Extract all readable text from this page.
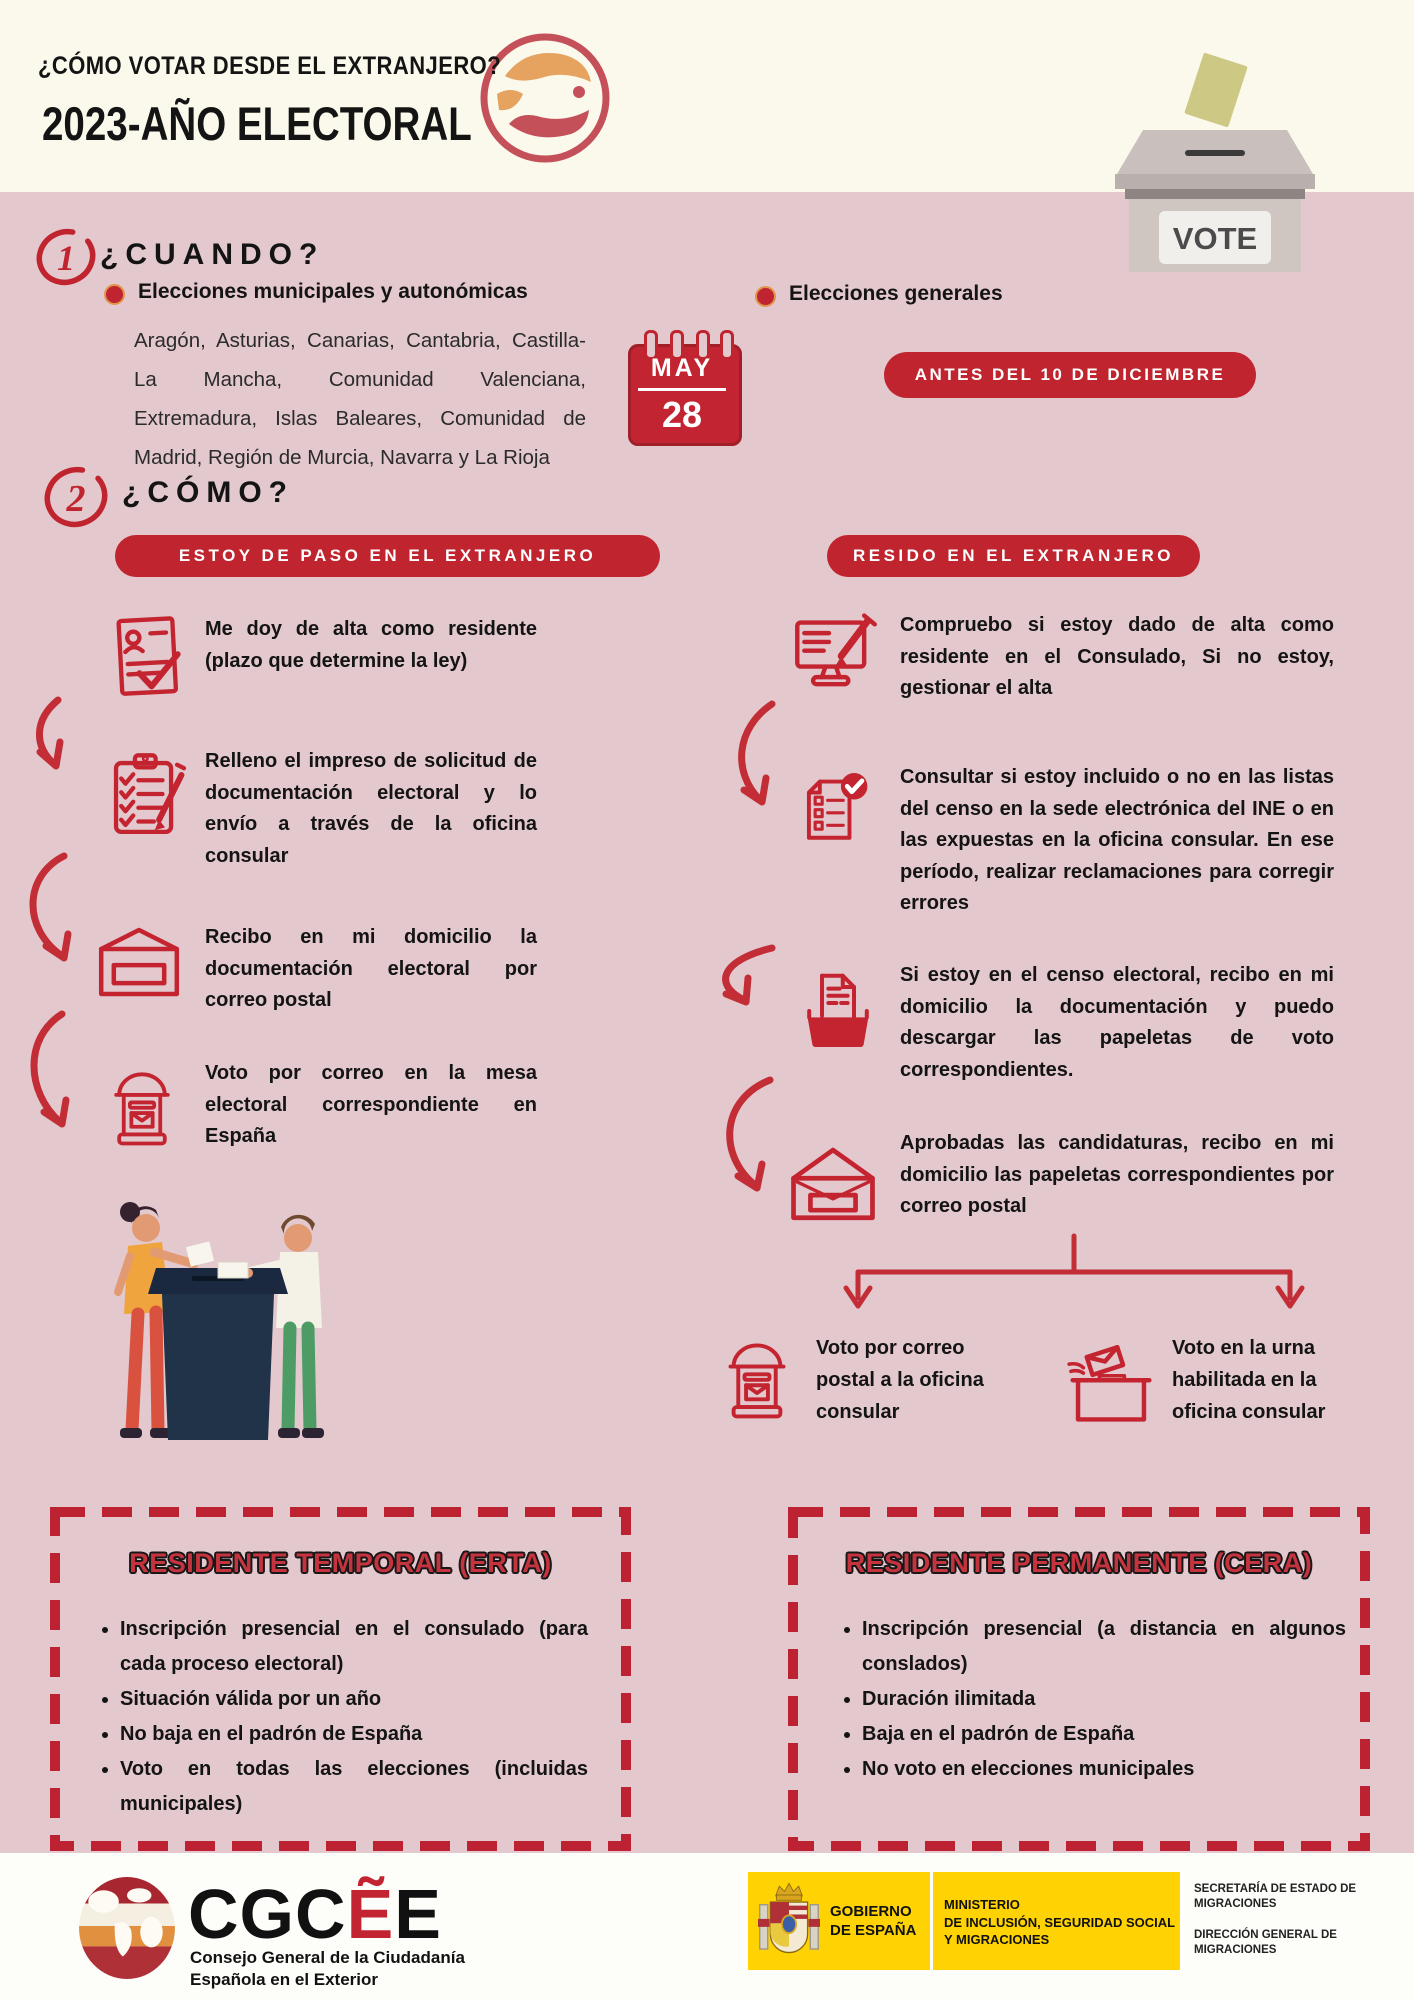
¿CÓMO VOTAR DESDE EL EXTRANJERO?
2023-AÑO ELECTORAL
VOTE
1 ¿CUANDO?
Elecciones municipales y autonómicas
Aragón, Asturias, Canarias, Cantabria, Castilla-La Mancha, Comunidad Valenciana, Extremadura, Islas Baleares, Comunidad de Madrid, Región de Murcia, Navarra y La Rioja
MAY
28
Elecciones generales
ANTES DEL 10 DE DICIEMBRE
2 ¿CÓMO?
ESTOY DE PASO EN EL EXTRANJERO	RESIDO EN EL EXTRANJERO
Me doy de alta como residente (plazo que determine la ley)
Relleno el impreso de solicitud de documentación electoral y lo envío a través de la oficina consular
Recibo en mi domicilio la documentación electoral por correo postal
Voto por correo en la mesa electoral correspondiente en España
Compruebo si estoy dado de alta como residente en el Consulado, Si no estoy, gestionar el alta
Consultar si estoy incluido o no en las listas del censo en la sede electrónica del INE o en las expuestas en la oficina consular. En ese período, realizar reclamaciones para corregir errores
Si estoy en el censo electoral, recibo en mi domicilio la documentación y puedo descargar las papeletas de voto correspondientes.
Aprobadas las candidaturas, recibo en mi domicilio las papeletas correspondientes por correo postal
Voto por correo postal a la oficina consular
Voto en la urna habilitada en la oficina consular
RESIDENTE TEMPORAL (ERTA)
• Inscripción presencial en el consulado (para cada proceso electoral)
• Situación válida por un año
• No baja en el padrón de España
• Voto en todas las elecciones (incluidas municipales)
RESIDENTE PERMANENTE (CERA)
• Inscripción presencial (a distancia en algunos conslados)
• Duración ilimitada
• Baja en el padrón de España
• No voto en elecciones municipales
CGCẼE
Consejo General de la Ciudadanía
Española en el Exterior
GOBIERNO
DE ESPAÑA
MINISTERIO
DE INCLUSIÓN, SEGURIDAD SOCIAL
Y MIGRACIONES
SECRETARÍA DE ESTADO DE
MIGRACIONES
DIRECCIÓN GENERAL DE
MIGRACIONES
